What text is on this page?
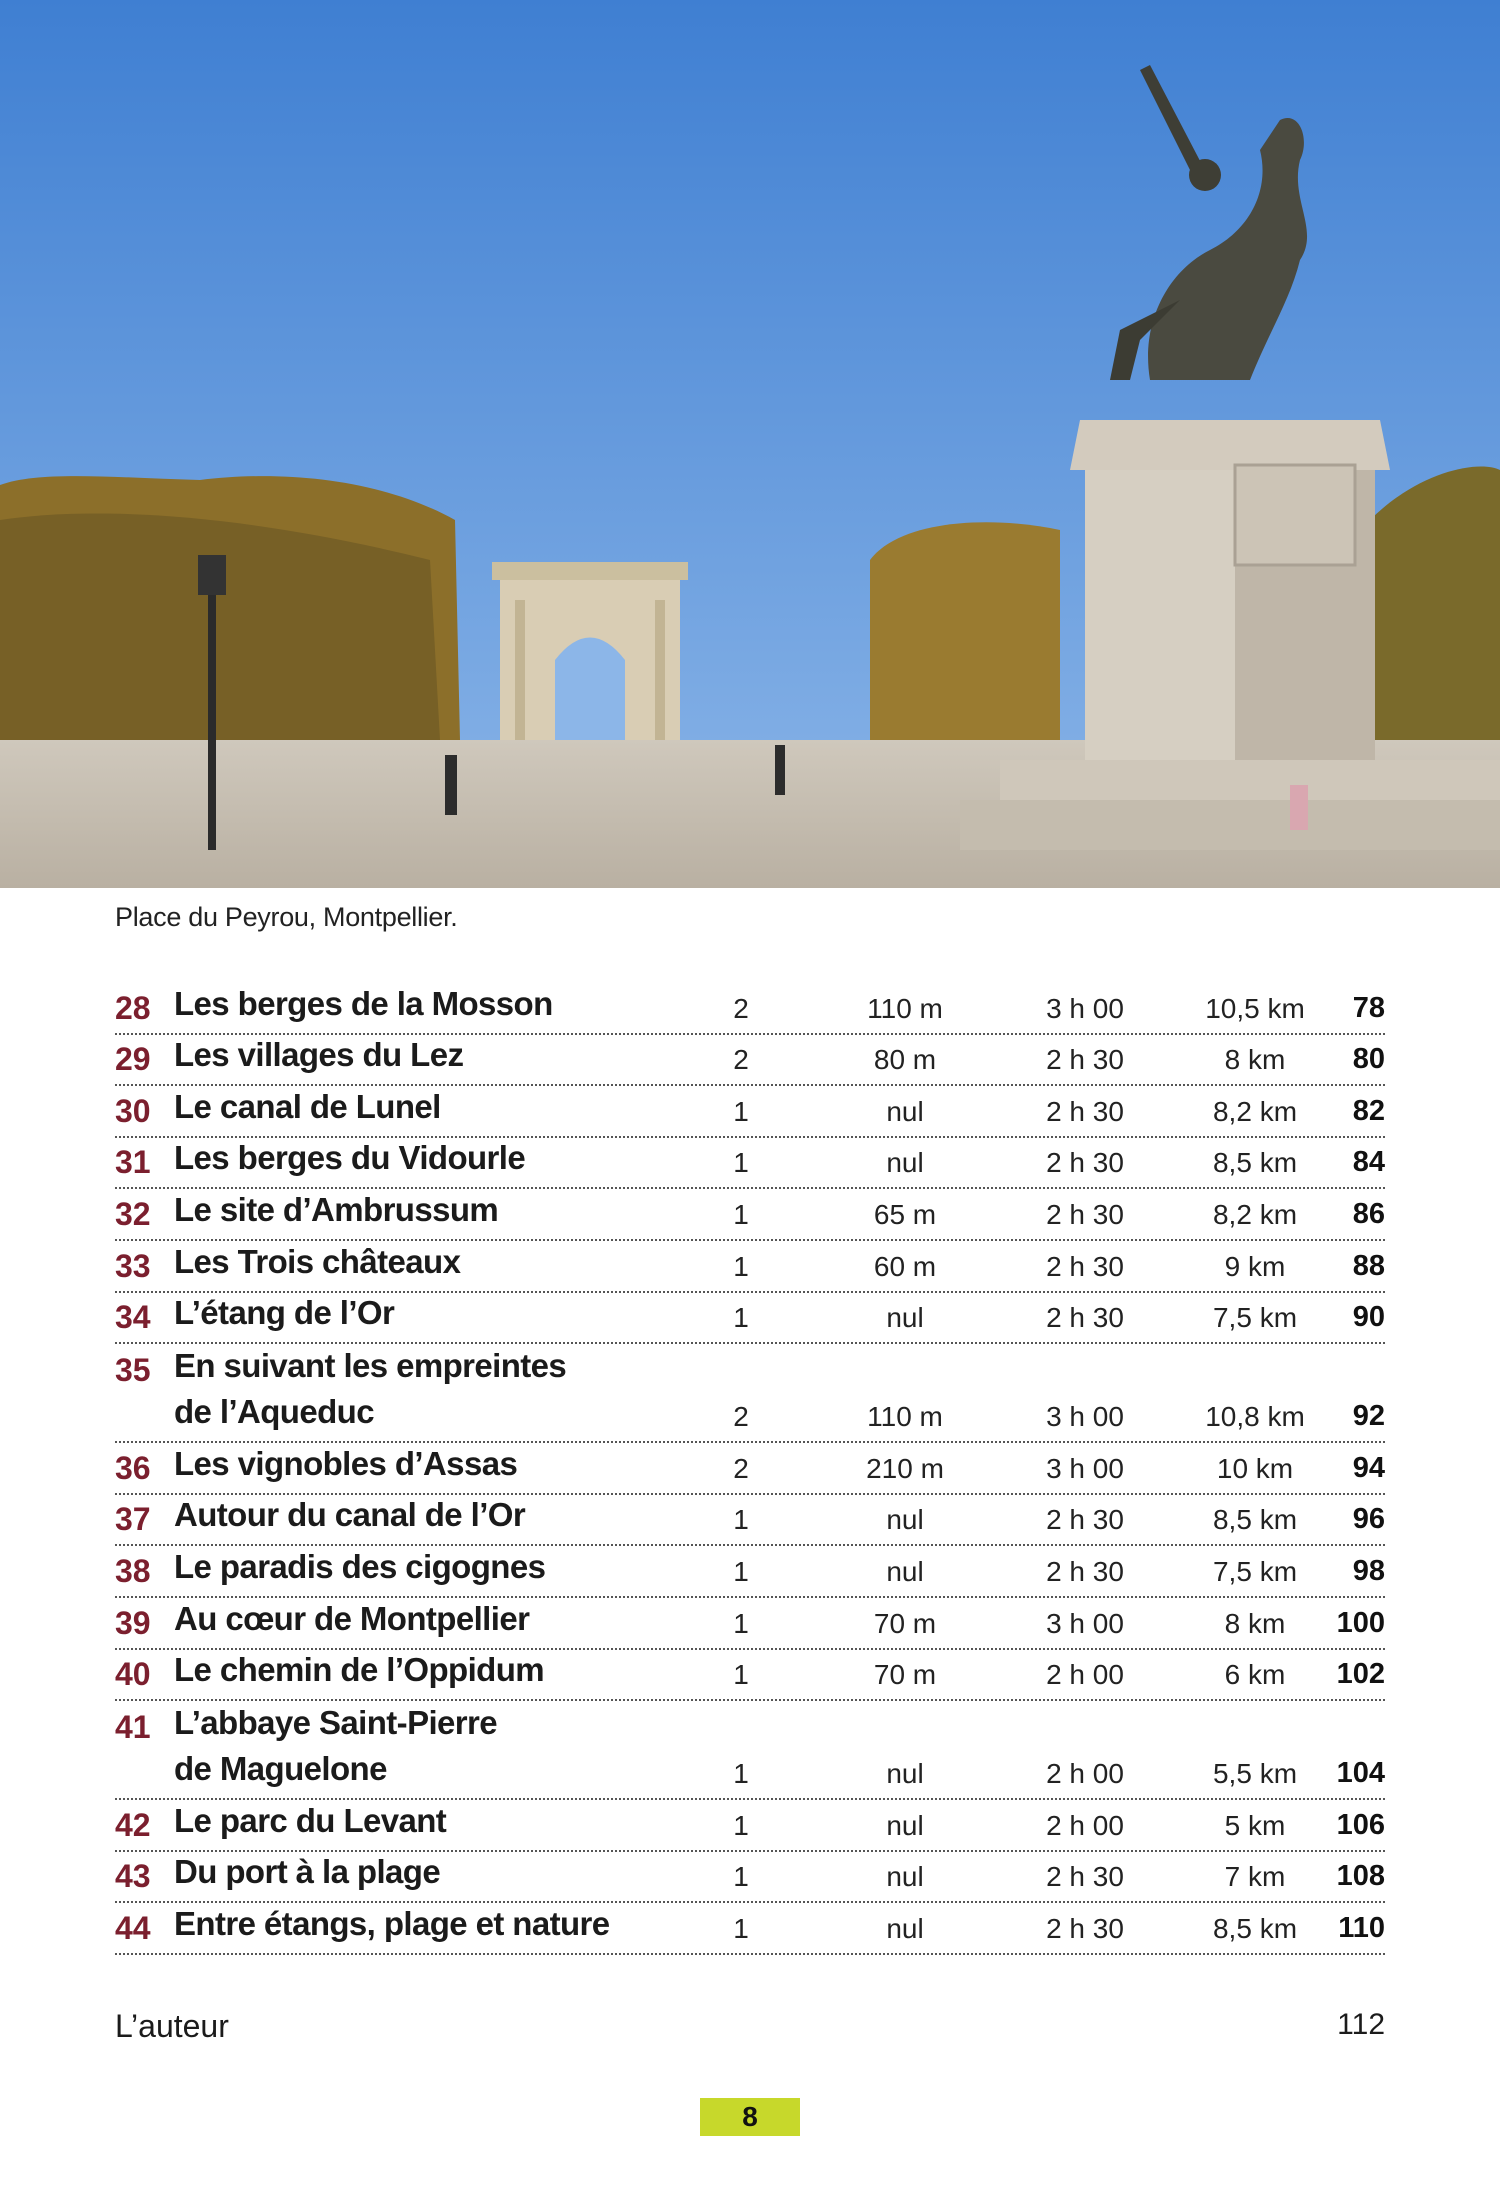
Place du Peyrou, Montpellier.
28 Les berges de la Mosson	2	110 m	3 h 00	10,5 km	78
29 Les villages du Lez	2	80 m	2 h 30	8 km	80
30 Le canal de Lunel	1	nul	2 h 30	8,2 km	82
31 Les berges du Vidourle	1	nul	2 h 30	8,5 km	84
32 Le site d’Ambrussum	1	65 m	2 h 30	8,2 km	86
33 Les Trois châteaux	1	60 m	2 h 30	9 km	88
34 L’étang de l’Or	1	nul	2 h 30	7,5 km	90
35 En suivant les empreintes
de l’Aqueduc	2	110 m	3 h 00	10,8 km	92
36 Les vignobles d’Assas	2	210 m	3 h 00	10 km	94
37 Autour du canal de l’Or	1	nul	2 h 30	8,5 km	96
38 Le paradis des cigognes	1	nul	2 h 30	7,5 km	98
39 Au cœur de Montpellier	1	70 m	3 h 00	8 km	100
40 Le chemin de l’Oppidum	1	70 m	2 h 00	6 km	102
41 L’abbaye Saint-Pierre
de Maguelone	1	nul	2 h 00	5,5 km	104
42 Le parc du Levant	1	nul	2 h 00	5 km	106
43 Du port à la plage	1	nul	2 h 30	7 km	108
44 Entre étangs, plage et nature	1	nul	2 h 30	8,5 km	110
L’auteur	112
8
